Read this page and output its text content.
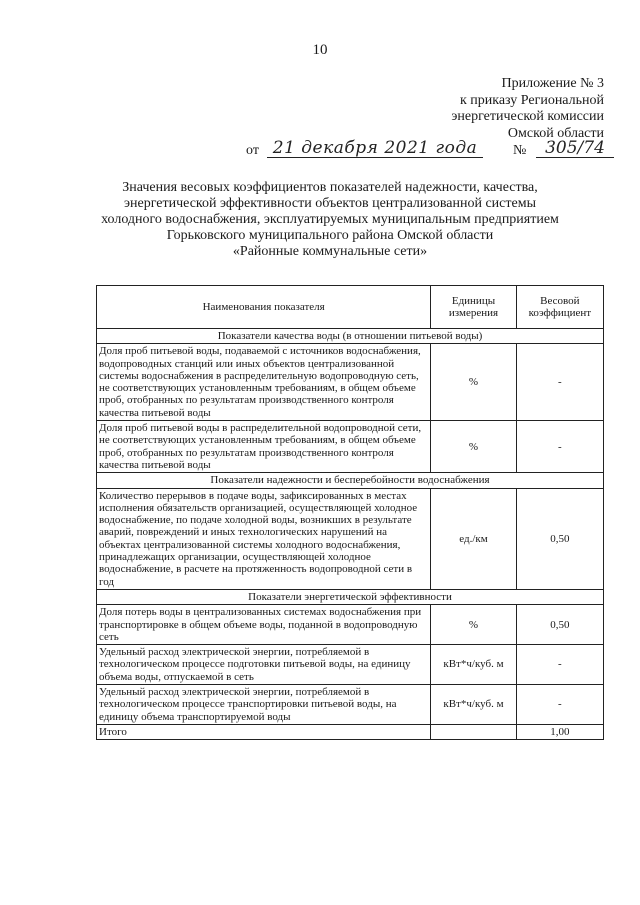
10
Приложение № 3
к приказу Региональной
энергетической комиссии
Омской области
от 21 декабря 2021 года	№	305/74
Значения весовых коэффициентов показателей надежности, качества,
энергетической эффективности объектов централизованной системы
холодного водоснабжения, эксплуатируемых муниципальным предприятием
Горьковского муниципального района Омской области
«Районные коммунальные сети»
Наименования показателя	Единицы измерения	Весовой коэффициент
Показатели качества воды (в отношении питьевой воды)		
Доля проб питьевой воды, подаваемой с источников водоснабжения, водопроводных станций или иных объектов централизованной системы водоснабжения в распределительную водопроводную сеть, не соответствующих установленным требованиям, в общем объеме проб, отобранных по результатам производственного контроля качества питьевой воды	%	-
Доля проб питьевой воды в распределительной водопроводной сети, не соответствующих установленным требованиям, в общем объеме проб, отобранных по результатам производственного контроля качества питьевой воды	%	-
Показатели надежности и бесперебойности водоснабжения		
Количество перерывов в подаче воды, зафиксированных в местах исполнения обязательств организацией, осуществляющей холодное водоснабжение, по подаче холодной воды, возникших в результате аварий, повреждений и иных технологических нарушений на объектах централизованной системы холодного водоснабжения, принадлежащих организации, осуществляющей холодное водоснабжение, в расчете на протяженность водопроводной сети в год	ед./км	0,50
Показатели энергетической эффективности		
Доля потерь воды в централизованных системах водоснабжения при транспортировке в общем объеме воды, поданной в водопроводную сеть	%	0,50
Удельный расход электрической энергии, потребляемой в технологическом процессе подготовки питьевой воды, на единицу объема воды, отпускаемой в сеть	кВт*ч/куб. м	-
Удельный расход электрической энергии, потребляемой в технологическом процессе транспортировки питьевой воды, на единицу объема транспортируемой воды	кВт*ч/куб. м	-
Итого		1,00
